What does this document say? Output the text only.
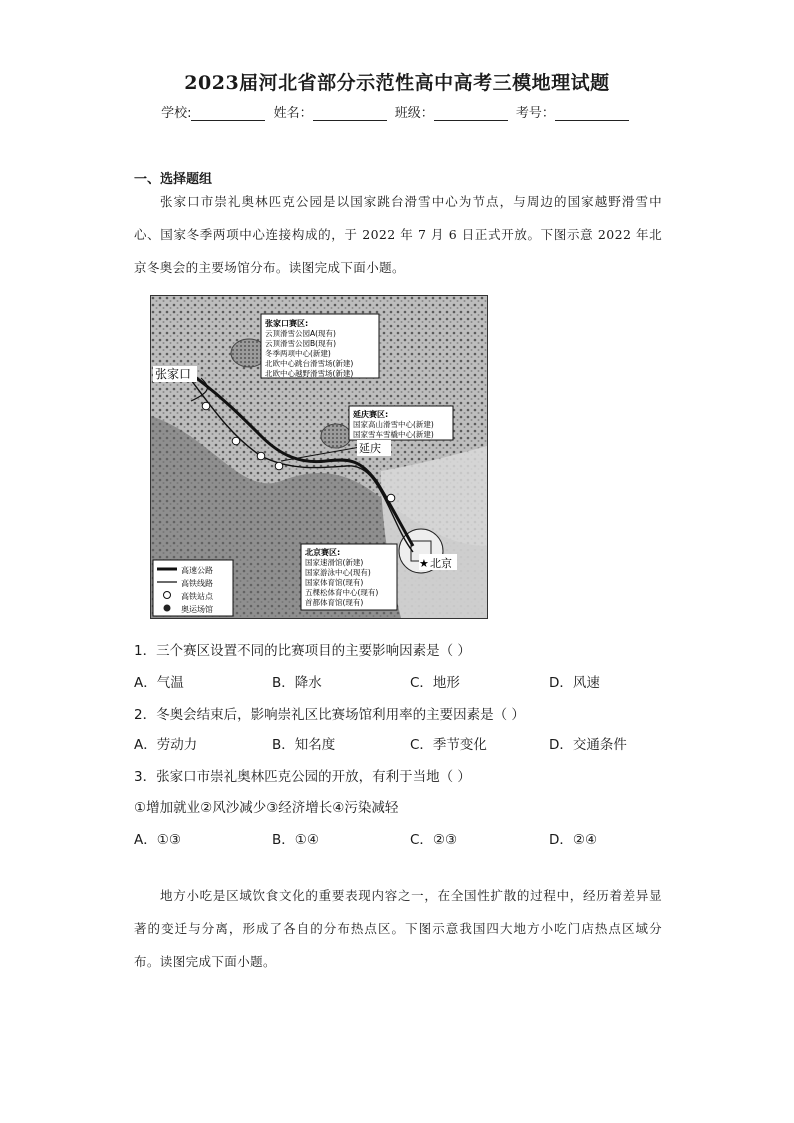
2023届河北省部分示范性高中高考三模地理试题
学校:	姓名：	班级：	考号：
一、选择题组
张家口市崇礼奥林匹克公园是以国家跳台滑雪中心为节点，与周边的国家越野滑雪中心、国家冬季两项中心连接构成的，于 2022 年 7 月 6 日正式开放。下图示意 2022 年北京冬奥会的主要场馆分布。读图完成下面小题。
张家口赛区:
云顶滑雪公园A(现有)
云顶滑雪公园B(现有)
冬季两项中心(新建)
北欧中心跳台滑雪场(新建)
北欧中心越野滑雪场(新建)
延庆赛区:
国家高山滑雪中心(新建)
国家雪车雪橇中心(新建)
北京赛区:
国家速滑馆(新建)
国家游泳中心(现有)
国家体育馆(现有)
五棵松体育中心(现有)
首都体育馆(现有)
张家口
延庆
★ 北京
高速公路
高铁线路
高铁站点
奥运场馆
1．三个赛区设置不同的比赛项目的主要影响因素是（ ）
A．气温	B．降水	C．地形	D．风速
2．冬奥会结束后，影响崇礼区比赛场馆利用率的主要因素是（ ）
A．劳动力	B．知名度	C．季节变化	D．交通条件
3．张家口市崇礼奥林匹克公园的开放，有利于当地（ ）
①增加就业②风沙减少③经济增长④污染减轻
A．①③	B．①④	C．②③	D．②④
地方小吃是区域饮食文化的重要表现内容之一，在全国性扩散的过程中，经历着差异显著的变迁与分离，形成了各自的分布热点区。下图示意我国四大地方小吃门店热点区域分布。读图完成下面小题。
